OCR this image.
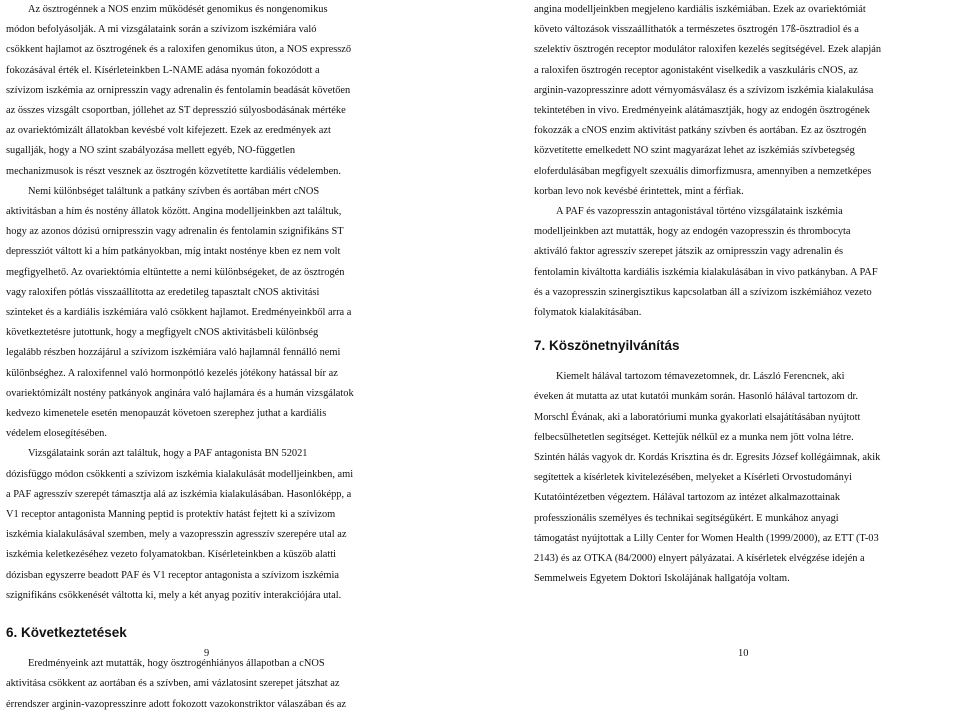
Az ösztrogénnek a NOS enzim működését genomikus és nongenomikus

módon befolyásolják. A mi vizsgálataink során a szívizom iszkémiára való

csökkent hajlamot az ösztrogének és a raloxifen genomikus úton, a NOS expressző

fokozásával érték el. Kísérleteinkben L-NAME adása nyomán fokozódott a

szívizom iszkémia az ornipresszin vagy adrenalin és fentolamin beadását követően

az összes vizsgált csoportban, jóllehet az ST depresszió súlyosbodásának mértéke

az ovariektómizált állatokban kevésbé volt kifejezett. Ezek az eredmények azt

sugallják, hogy a NO szint szabályozása mellett egyéb, NO-független

mechanizmusok is részt vesznek az ösztrogén közvetítette kardiális védelemben.

Nemi különbséget találtunk a patkány szívben és aortában mért cNOS

aktivitásban a hím és nostény állatok között. Angina modelljeinkben azt találtuk,

hogy az azonos dózisú ornipresszin vagy adrenalin és fentolamin szignifikáns ST

depressziót váltott ki a hím patkányokban, míg intakt nosténye kben ez nem volt

megfigyelhető. Az ovariektómia eltüntette a nemi különbségeket, de az ösztrogén

vagy raloxifen pótlás visszaállította az eredetileg tapasztalt cNOS aktivitási

szinteket és a kardiális iszkémiára való csökkent hajlamot. Eredményeinkből arra a

következtetésre jutottunk, hogy a megfigyelt cNOS aktivitásbeli különbség

legalább részben hozzájárul a szívizom iszkémiára való hajlamnál fennálló nemi

különbséghez. A raloxifennel való hormonpótló kezelés jótékony hatással bír az

ovariektómizált nostény patkányok anginára való hajlamára és a humán vizsgálatok

kedvezo kimenetele esetén menopauzát követoen szerephez juthat a kardiális

védelem elosegítésében.

Vizsgálataink során azt találtuk, hogy a PAF antagonista BN 52021

dózisfüggo módon csökkenti a szívizom iszkémia kialakulását modelljeinkben, ami

a PAF agresszív szerepét támasztja alá az iszkémia kialakulásában. Hasonlóképp, a

V1 receptor antagonista Manning peptid is protektív hatást fejtett ki a szívizom

iszkémia kialakulásával szemben, mely a vazopresszin agresszív szerepére utal az

iszkémia keletkezéséhez vezeto folyamatokban. Kísérleteinkben a küszöb alatti

dózisban egyszerre beadott PAF és V1 receptor antagonista a szívizom iszkémia

szignifikáns csökkenését váltotta ki, mely a két anyag pozitív interakciójára utal.

6. Következtetések

Eredményeink azt mutatták, hogy ösztrogénhiányos állapotban a cNOS

aktivitása csökkent az aortában és a szívben, ami vázlatosint szerepet játszhat az

érrendszer arginin-vazopresszinre adott fokozott vazokonstriktor válaszában és az

angina modelljeinkben megjeleno kardiális iszkémiában. Ezek az ovariektómiát

követo változások visszaállíthatók a természetes ösztrogén 17ß-ösztradiol és a

szelektív ösztrogén receptor modulátor raloxifen kezelés segítségével. Ezek alapján

a raloxifen ösztrogén receptor agonistaként viselkedik a vaszkuláris cNOS, az

arginin-vazopresszinre adott vérnyomásválasz és a szívizom iszkémia kialakulása

tekintetében in vivo. Eredményeink alátámasztják, hogy az endogén ösztrogének

fokozzák a cNOS enzim aktivitást patkány szívben és aortában. Ez az ösztrogén

közvetítette emelkedett NO szint magyarázat lehet az iszkémiás szívbetegség

eloferdulásában megfigyelt szexuális dimorfizmusra, amennyiben a nemzetképes

korban levo nok kevésbé érintettek, mint a férfiak.

A PAF és vazopresszin antagonistával történo vizsgálataink iszkémia

modelljeinkben azt mutatták, hogy az endogén vazopresszin és thrombocyta

aktiváló faktor agresszív szerepet játszik az ornipresszin vagy adrenalin és

fentolamin kiváltotta kardiális iszkémia kialakulásában in vivo patkányban. A PAF

és a vazopresszin szinergisztikus kapcsolatban áll a szívizom iszkémiához vezeto

folymatok kialakításában.

7. Köszönetnyilvánítás

Kiemelt hálával tartozom témavezetomnek, dr. László Ferencnek, aki

éveken át mutatta az utat kutatói munkám során. Hasonló hálával tartozom dr.

Morschl Évának, aki a laboratóriumi munka gyakorlati elsajátításában nyújtott

felbecsülhetetlen segítséget. Kettejük nélkül ez a munka nem jött volna létre.

Szintén hálás vagyok dr. Kordás Krisztina és dr. Egresits József kollégáimnak, akik

segítettek a kísérletek kivitelezésében, melyeket a Kísérleti Orvostudományi

Kutatóintézetben végeztem. Hálával tartozom az intézet alkalmazottainak

professzionális személyes és technikai segítségükért. E munkához anyagi

támogatást nyújtottak a Lilly Center for Women Health (1999/2000), az ETT (T-03

2143) és az OTKA (84/2000) elnyert pályázatai. A kísérletek elvégzése idején a

Semmelweis Egyetem Doktori Iskolájának hallgatója voltam.

9	10
